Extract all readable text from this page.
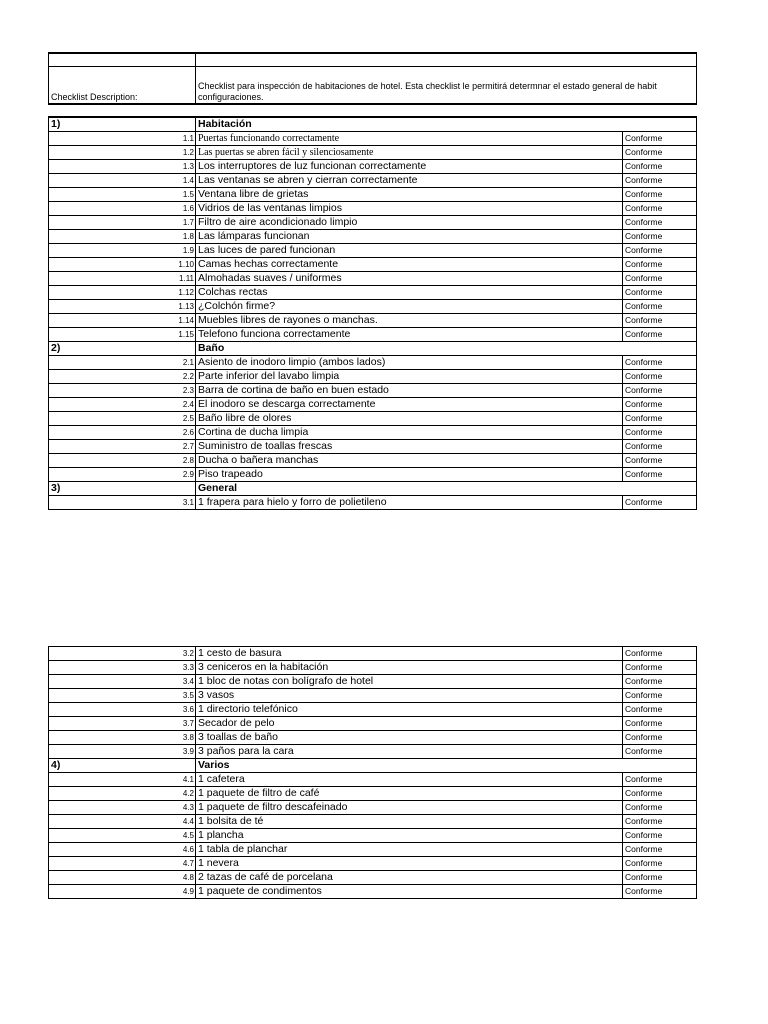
Checklist Description:	Checklist para inspección de habitaciones de hotel. Esta checklist le permitirá determnar el estado general de habit configuraciones.
1)	Habitación	
1.1	Puertas funcionando correctamente	Conforme
1.2	Las puertas se abren fácil y silenciosamente	Conforme
1.3	Los interruptores de luz funcionan correctamente	Conforme
1.4	Las ventanas se abren y cierran correctamente	Conforme
1.5	Ventana libre de grietas	Conforme
1.6	Vidrios de las ventanas limpios	Conforme
1.7	Filtro de aire acondicionado limpio	Conforme
1.8	Las lámparas funcionan	Conforme
1.9	Las luces de pared funcionan	Conforme
1.10	Camas hechas correctamente	Conforme
1.11	Almohadas suaves / uniformes	Conforme
1.12	Colchas rectas	Conforme
1.13	¿Colchón firme?	Conforme
1.14	Muebles libres de rayones o manchas.	Conforme
1.15	Telefono funciona correctamente	Conforme
2)	Baño	
2.1	Asiento de inodoro limpio (ambos lados)	Conforme
2.2	Parte inferior del lavabo limpia	Conforme
2.3	Barra de cortina de baño en buen estado	Conforme
2.4	El inodoro se descarga correctamente	Conforme
2.5	Baño libre de olores	Conforme
2.6	Cortina de ducha limpia	Conforme
2.7	Suministro de toallas frescas	Conforme
2.8	Ducha o bañera manchas	Conforme
2.9	Piso trapeado	Conforme
3)	General	
3.1	1 frapera para hielo y forro de polietileno	Conforme
3.2	1 cesto de basura	Conforme
3.3	3 ceniceros en la habitación	Conforme
3.4	1 bloc de notas con bolígrafo de hotel	Conforme
3.5	3 vasos	Conforme
3.6	1 directorio telefónico	Conforme
3.7	Secador de pelo	Conforme
3.8	3 toallas de baño	Conforme
3.9	3 paños para la cara	Conforme
4)	Varios	
4.1	1 cafetera	Conforme
4.2	1 paquete de filtro de café	Conforme
4.3	1 paquete de filtro descafeinado	Conforme
4.4	1 bolsita de té	Conforme
4.5	1 plancha	Conforme
4.6	1 tabla de planchar	Conforme
4.7	1 nevera	Conforme
4.8	2 tazas de café de porcelana	Conforme
4.9	1 paquete de condimentos	Conforme
